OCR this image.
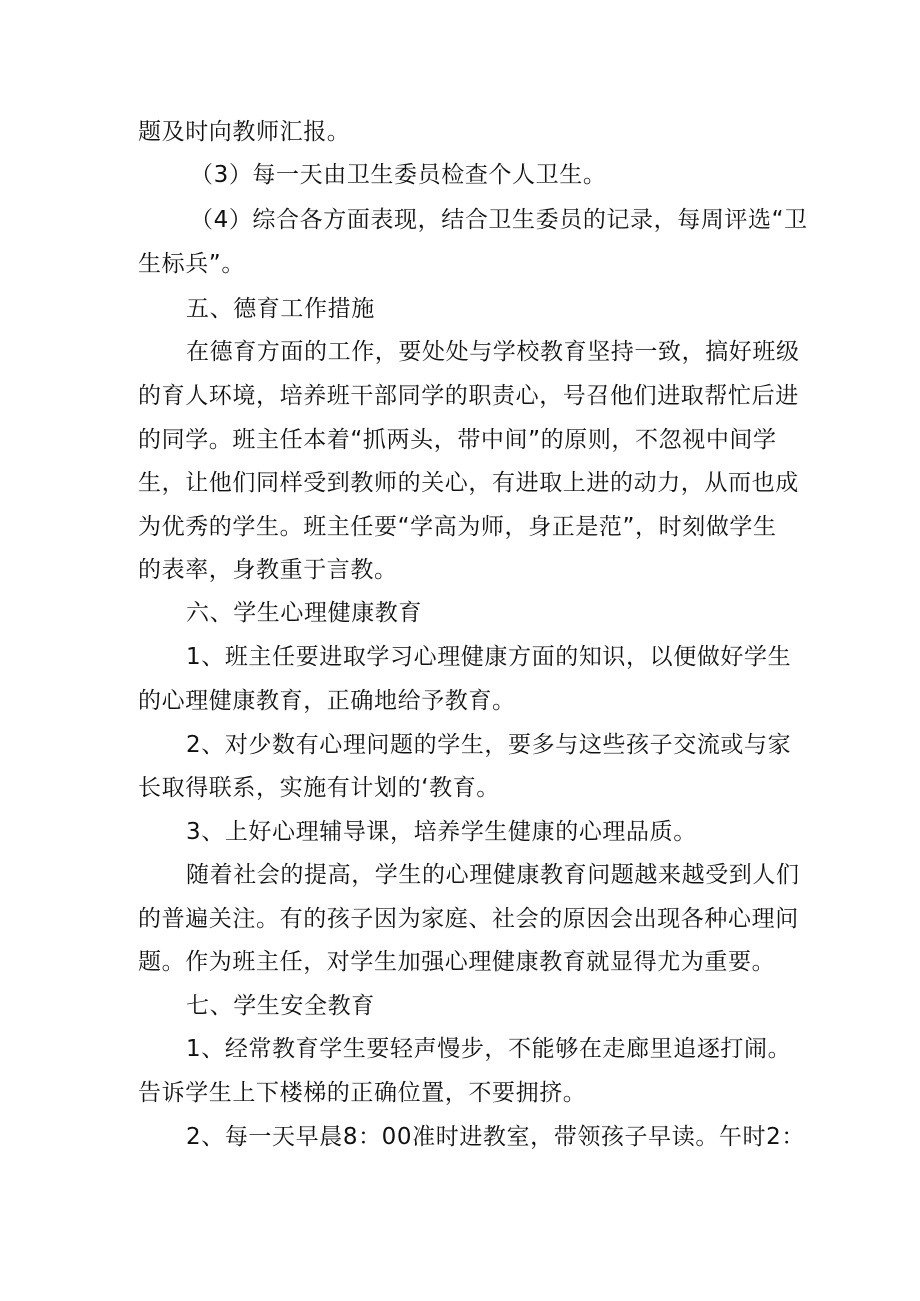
题及时向教师汇报。
（3）每一天由卫生委员检查个人卫生。
（4）综合各方面表现，结合卫生委员的记录，每周评选“卫
生标兵”。
五、德育工作措施
在德育方面的工作，要处处与学校教育坚持一致，搞好班级
的育人环境，培养班干部同学的职责心，号召他们进取帮忙后进
的同学。班主任本着“抓两头，带中间”的原则，不忽视中间学
生，让他们同样受到教师的关心，有进取上进的动力，从而也成
为优秀的学生。班主任要“学高为师，身正是范”，时刻做学生
的表率，身教重于言教。
六、学生心理健康教育
1、班主任要进取学习心理健康方面的知识，以便做好学生
的心理健康教育，正确地给予教育。
2、对少数有心理问题的学生，要多与这些孩子交流或与家
长取得联系，实施有计划的‘教育。
3、上好心理辅导课，培养学生健康的心理品质。
随着社会的提高，学生的心理健康教育问题越来越受到人们
的普遍关注。有的孩子因为家庭、社会的原因会出现各种心理问
题。作为班主任，对学生加强心理健康教育就显得尤为重要。
七、学生安全教育
1、经常教育学生要轻声慢步，不能够在走廊里追逐打闹。
告诉学生上下楼梯的正确位置，不要拥挤。
2、每一天早晨8：00准时进教室，带领孩子早读。午时2：
